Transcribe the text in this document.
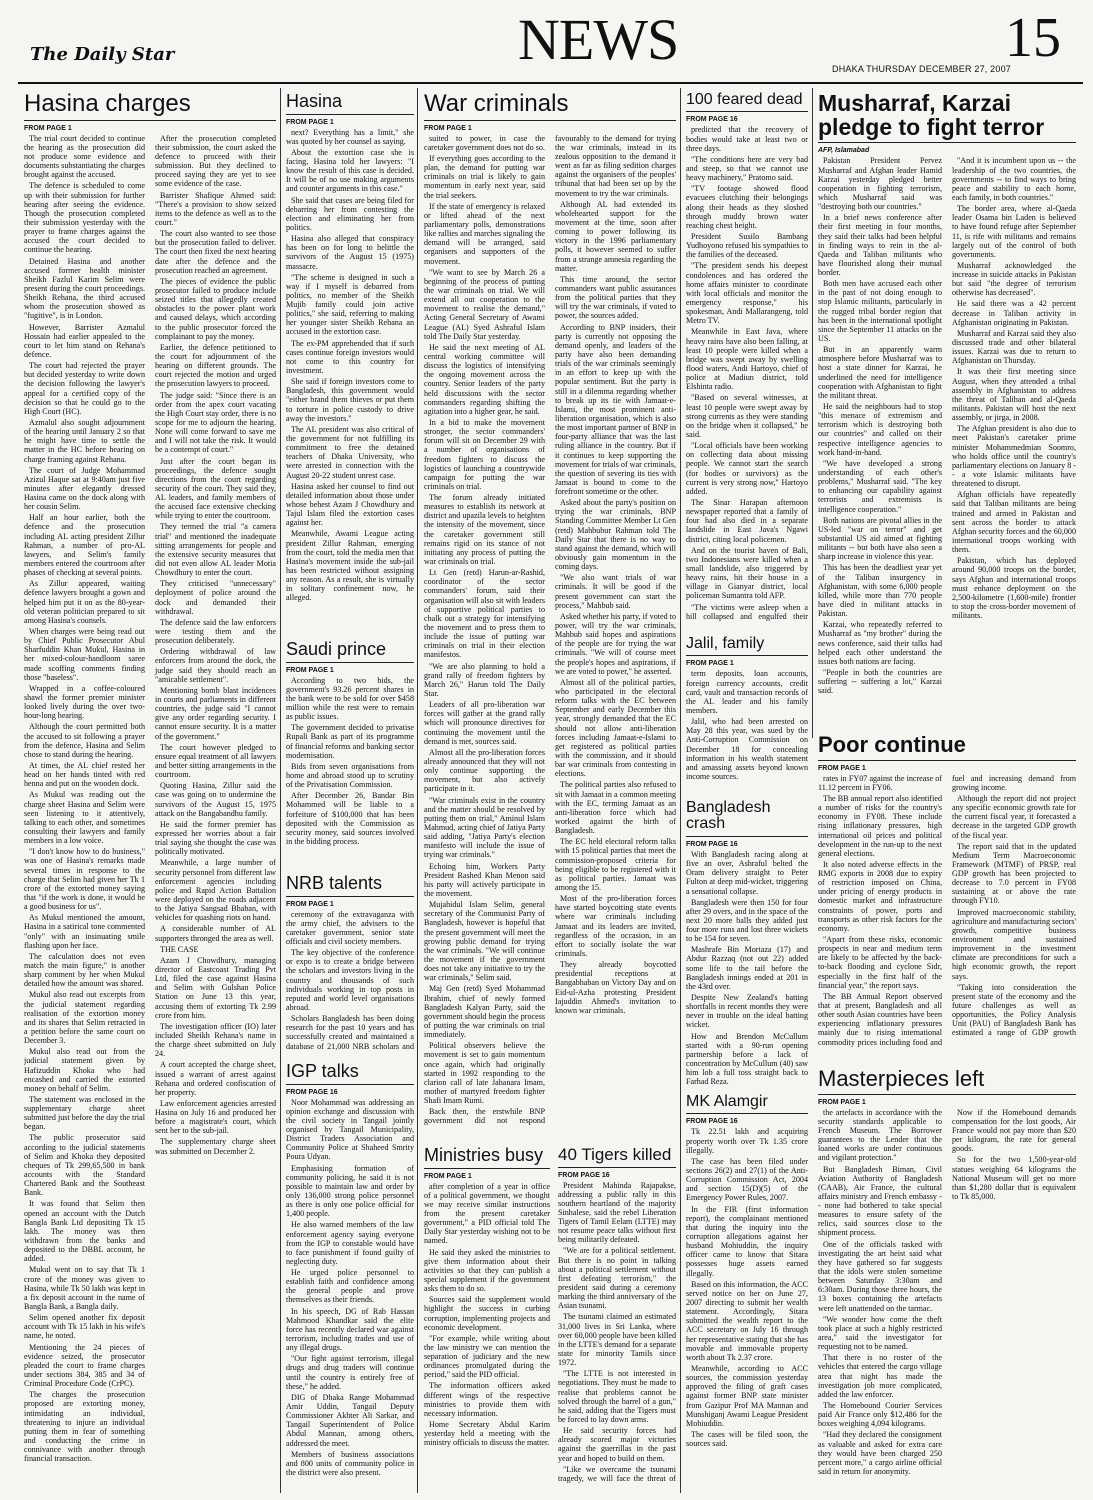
The Daily Star	NEWS	15
DHAKA THURSDAY DECEMBER 27, 2007
Hasina charges
FROM PAGE 1

The trial court decided to continue the hearing as the prosecution did not produce some evidence and documents substantiating the charges brought against the accused.

The defence is scheduled to come up with their submission for further hearing after seeing the evidence. Though the prosecution completed their submission yesterday with the prayer to frame charges against the accused the court decided to continue the hearing.

Detained Hasina and another accused former health minister Sheikh Fazlul Karim Selim were present during the court proceedings. Sheikh Rehana, the third accused whom the prosecution showed as "fugitive", is in London.

However, Barrister Azmalul Hossain had earlier appealed to the court to let him stand on Rehana's defence.

The court had rejected the prayer but decided yesterday to write down the decision following the lawyer's appeal for a certified copy of the decision so that he could go to the High Court (HC).

Azmalul also sought adjournment of the hearing until January 2 so that he might have time to settle the matter in the HC before hearing on charge framing against Rehana.

The court of Judge Mohammad Azizul Haque sat at 9:40am just five minutes after elegantly dressed Hasina came on the dock along with her cousin Selim.

Half an hour earlier, both the defence and the prosecution including AL acting president Zillur Rahman, a number of pro-AL lawyers, and Selim's family members entered the courtroom after phases of checking at several points.

As Zillur appeared, waiting defence lawyers brought a gown and helped him put it on as the 80-year-old veteran politician prepared to sit among Hasina's counsels.

When charges were being read out by Chief Public Prosecutor Abul Sharfuddin Khan Mukul, Hasina in her mixed-colour-handloom saree made scoffing comments finding those "baseless".

Wrapped in a coffee-coloured shawl the former premier minister looked lively during the over two-hour-long hearing.

Although the court permitted both the accused to sit following a prayer from the defence, Hasina and Selim chose to stand during the hearing.

At times, the AL chief rested her head on her hands tinted with red henna and put on the wooden dock.

As Mukul was reading out the charge sheet Hasina and Selim were seen listening to it attentively, talking to each other, and sometimes consulting their lawyers and family members in a low voice.

"I don't know how to do business," was one of Hasina's remarks made several times in response to the charge that Selim had given her Tk 1 crore of the extorted money saying that "if the work is done, it would be a good business for us".

As Mukul mentioned the amount, Hasina in a satirical tone commented "only" with an insinuating smile flashing upon her face.

The calculation does not even match the main figure," is another sharp comment by her when Mukul detailed how the amount was shared.

Mukul also read out excerpts from the judicial statement regarding realisation of the extortion money and its shares that Selim retracted in a petition before the same court on December 3.

Mukul also read out from the judicial statement given by Hafizuddin Khoka who had encashed and carried the extorted money on behalf of Selim.

The statement was enclosed in the supplementary charge sheet submitted just before the day the trial began.

The public prosecutor said according to the judicial statements of Selim and Khoka they deposited cheques of Tk 299,65,500 in bank accounts with the Standard Chartered Bank and the Southeast Bank.

It was found that Selim then opened an account with the Dutch Bangla Bank Ltd depositing Tk 15 lakh. The money was then withdrawn from the banks and deposited to the DBBL account, he added.

Mukul went on to say that Tk 1 crore of the money was given to Hasina, while Tk 50 lakh was kept in a fix deposit account in the name of Bangla Bank, a Bangla daily.

Selim opened another fix deposit account with Tk 15 lakh in his wife's name, he noted.

Mentioning the 24 pieces of evidence seized, the prosecutor pleaded the court to frame charges under sections 384, 385 and 34 of Criminal Procedure Code (CrPC).

The charges the prosecution proposed are extorting money, intimidating an individual, threatening to injure an individual putting them in fear of something and conducting the crime in connivance with another through financial transaction.

After the prosecution completed their submission, the court asked the defence to proceed with their submission. But they declined to proceed saying they are yet to see some evidence of the case.

Barrister Shafique Ahmed said: "There's a provision to show seized items to the defence as well as to the court."

The court also wanted to see those but the prosecution failed to deliver. The court then fixed the next hearing date after the defence and the prosecution reached an agreement.

The pieces of evidence the public prosecutor failed to produce include seized titles that allegedly created obstacles to the power plant work and caused delays, which according to the public prosecutor forced the complainant to pay the money.

Earlier, the defence petitioned to the court for adjournment of the hearing on different grounds. The court rejected the motion and urged the prosecution lawyers to proceed.

The judge said: "Since there is an order from the apex court vacating the High Court stay order, there is no scope for me to adjourn the hearing. None will come forward to save me and I will not take the risk. It would be a contempt of court."

Just after the court began its proceedings, the defence sought directions from the court regarding security of the court. They said they, AL leaders, and family members of the accused face extensive checking while trying to enter the courtroom.

They termed the trial "a camera trial" and mentioned the inadequate sitting arrangements for people and the extensive security measures that did not even allow AL leader Motia Chowdhury to enter the court.

They criticised "unnecessary" deployment of police around the dock and demanded their withdrawal.

The defence said the law enforcers were testing them and the prosecution deliberately.

Ordering withdrawal of law enforcers from around the dock, the judge said they should reach an "amicable settlement".

Mentioning bomb blast incidences in courts and parliaments in different countries, the judge said "I cannot give any order regarding security. I cannot ensure security. It is a matter of the government."

The court however pledged to ensure equal treatment of all lawyers and better sitting arrangements in the courtroom.

Quoting Hasina, Zillur said the case was going on to undermine the survivors of the August 15, 1975 attack on the Bangabandhu family.

He said the former premier has expressed her worries about a fair trial saying she thought the case was politically motivated.

Meanwhile, a large number of security personnel from different law enforcement agencies including police and Rapid Action Battalion were deployed on the roads adjacent to the Jatiya Sangsad Bhaban, with vehicles for quashing riots on hand.

A considerable number of AL supporters thronged the area as well.

THE CASE

Azam J Chowdhury, managing director of Eastcoast Trading Pvt Ltd, filed the case against Hasina and Selim with Gulshan Police Station on June 13 this year, accusing them of extorting Tk 2.99 crore from him.

The investigation officer (IO) later included Sheikh Rehana's name in the charge sheet submitted on July 24.

A court accepted the charge sheet, issued a warrant of arrest against Rehana and ordered confiscation of her property.

Law enforcement agencies arrested Hasina on July 16 and produced her before a magistrate's court, which sent her to the sub-jail.

The supplementary charge sheet was submitted on December 2.

Hasina
FROM PAGE 1

next? Everything has a limit," she was quoted by her counsel as saying.

About the extortion case she is facing, Hasina told her lawyers: "I know the result of this case is decided. It will be of no use making arguments and counter arguments in this case."

She said that cases are being filed for debarring her from contesting the election and eliminating her from politics.

Hasina also alleged that conspiracy has been on for long to belittle the survivors of the August 15 (1975) massacre.

"The scheme is designed in such a way if I myself is debarred from politics, no member of the Sheikh Mujib family could join active politics," she said, referring to making her younger sister Sheikh Rehana an accused in the extortion case.

The ex-PM apprehended that if such cases continue foreign investors would not come to this country for investment.

She said if foreign investors come to Bangladesh, this government would "either brand them thieves or put them to torture in police custody to drive away the investors."

The AL president was also critical of the government for not fulfilling its commitment to free the detained teachers of Dhaka University, who were arrested in connection with the August 20-22 student unrest case.

Hasina asked her counsel to find out detailed information about those under whose behest Azam J Chowdhury and Tajul Islam filed the extortion cases against her.

Meanwhile, Awami League acting president Zillur Rahman, emerging from the court, told the media men that Hasina's movement inside the sub-jail has been restricted without assigning any reason. As a result, she is virtually in solitary confinement now, he alleged.

Saudi prince
FROM PAGE 1

According to two bids, the government's 93.26 percent shares in the bank were to be sold for over $458 million while the rest were to remain as public issues.

The government decided to privatise Rupali Bank as part of its programme of financial reforms and banking sector modernisation.

Bids from seven organisations from home and abroad stood up to scrutiny of the Privatisation Commission.

After December 26, Bandar Bin Mohammed will be liable to a forfeiture of $100,000 that has been deposited with the Commission as security money, said sources involved in the bidding process.

NRB talents
FROM PAGE 1

ceremony of the extravaganza with the army chief, the advisers to the caretaker government, senior state officials and civil society members.

The key objective of the conference or expo is to create a bridge between the scholars and investors living in the country and thousands of such individuals working in top posts in reputed and world level organisations abroad.

Scholars Bangladesh has been doing research for the past 10 years and has successfully created and maintained a database of 21,000 NRB scholars and

IGP talks
FROM PAGE 16

Noor Mohammad was addressing an opinion exchange and discussion with the civil society in Tangail jointly organised by Tangail Municipality, District Traders Association and Community Police at Shaheed Smrity Poura Udyan.

Emphasising formation of community policing, he said it is not possible to maintain law and order by only 136,000 strong police personnel as there is only one police official for 1,400 people.

He also warned members of the law enforcement agency saying everyone from the IGP to constable would have to face punishment if found guilty of neglecting duty.

He urged police personnel to establish faith and confidence among the general people and prove themselves as their friends.

In his speech, DG of Rab Hassan Mahmood Khandkar said the elite force has recently declared war against terrorism, including trades and use of any illegal drugs.

"Our fight against terrorism, illegal drugs and drug traders will continue until the country is entirely free of these," he added.

DIG of Dhaka Range Mohammad Amir Uddin, Tangail Deputy Commissioner Akhter Ali Sarkar, and Tangail Superintendent of Police Abdul Mannan, among others, addressed the meet.

Members of business associations and 800 units of community police in the district were also present.

War criminals
FROM PAGE 1

suited to power, in case the caretaker government does not do so.

If everything goes according to the plan, the demand for putting war criminals on trial is likely to gain momentum in early next year, said the trial seekers.

If the state of emergency is relaxed or lifted ahead of the next parliamentary polls, demonstrations like rallies and marches signaling the demand will be arranged, said organisers and supporters of the movement.

"We want to see by March 26 a beginning of the process of putting the war criminals on trial. We will extend all out cooperation to the movement to realise the demand," Acting General Secretary of Awami League (AL) Syed Ashraful Islam told The Daily Star yesterday.

He said the next meeting of AL central working committee will discuss the logistics of intensifying the ongoing movement across the country. Senior leaders of the party held discussions with the sector commanders regarding shifting the agitation into a higher gear, he said.

In a bid to make the movement stronger, the sector commanders' forum will sit on December 29 with a number of organisations of freedom fighters to discuss the logistics of launching a countrywide campaign for putting the war criminals on trial.

The forum already initiated measures to establish its network at district and upazila levels to heighten the intensity of the movement, since the caretaker government still remains rigid on its stance of not initiating any process of putting the war criminals on trial.

Lt Gen (retd) Harun-ar-Rashid, coordinator of the sector commanders' forum, said their organisation will also sit with leaders of supportive political parties to chalk out a strategy for intensifying the movement and to press them to include the issue of putting war criminals on trial in their election manifestos.

"We are also planning to hold a grand rally of freedom fighters by March 26," Harun told The Daily Star.

Leaders of all pro-liberation war forces will gather at the grand rally which will pronounce directives for continuing the movement until the demand is met, sources said.

Almost all the pro-liberation forces already announced that they will not only continue supporting the movement, but also actively participate in it.

"War criminals exist in the country and the matter should be resolved by putting them on trial," Aminul Islam Mahmud, acting chief of Jatiya Party said adding, "Jatiya Party's election manifesto will include the issue of trying war criminals."

Echoing him, Workers Party President Rashed Khan Menon said his party will actively participate in the movement.

Mujahidul Islam Selim, general secretary of the Communist Party of Bangladesh, however is hopeful that the present government will meet the growing public demand for trying the war criminals. "We will continue the movement if the government does not take any initiative to try the war criminals," Selim said.

Maj Gen (retd) Syed Mohammad Ibrahim, chief of newly formed Bangladesh Kalyan Party, said the government should begin the process of putting the war criminals on trial immediately.

Political observers believe the movement is set to gain momentum once again, which had originally started in 1992 responding to the clarion call of late Jahanara Imam, mother of martyred freedom fighter Shafi Imam Rumi.

Back then, the erstwhile BNP government did not respond favourably to the demand for trying the war criminals, instead in its zealous opposition to the demand it went as far as filing sedition charges against the organisers of the peoples' tribunal that had been set up by the movement to try the war criminals.

Although AL had extended its wholehearted support for the movement at the time, soon after coming to power following its victory in the 1996 parliamentary polls, it however seemed to suffer from a strange amnesia regarding the matter.

This time around, the sector commanders want public assurances from the political parties that they will try the war criminals, if voted to power, the sources added.

According to BNP insiders, their party is currently not opposing the demand openly, and leaders of the party have also been demanding trials of the war criminals seemingly in an effort to keep up with the popular sentiment. But the party is still in a dilemma regarding whether to break up its tie with Jamaat-e-Islami, the most prominent anti-liberation organisation, which is also the most important partner of BNP in four-party alliance that was the last ruling alliance in the country. But if it continues to keep supporting the movement for trials of war criminals, the question of severing its ties with Jamaat is bound to come to the forefront sometime or the other.

Asked about the party's position on trying the war criminals, BNP Standing Committee Member Lt Gen (retd) Mahbubur Rahman told The Daily Star that there is no way to stand against the demand, which will obviously gain momentum in the coming days.

"We also want trials of war criminals. It will be good if the present government can start the process," Mahbub said.

Asked whether his party, if voted to power, will try the war criminals, Mahbub said hopes and aspirations of the people are for trying the war criminals. "We will of course meet the people's hopes and aspirations, if we are voted to power," he asserted.

Almost all of the political parties, who participated in the electoral reform talks with the EC between September and early December this year, strongly demanded that the EC should not allow anti-liberation forces including Jamaat-e-Islami to get registered as political parties with the commission, and it should bar war criminals from contesting in elections.

The political parties also refused to sit with Jamaat in a common meeting with the EC, terming Jamaat as an anti-liberation force which had worked against the birth of Bangladesh.

The EC held electoral reform talks with 15 political parties that meet the commission-proposed criteria for being eligible to be registered with it as political parties. Jamaat was among the 15.

Most of the pro-liberation forces have started boycotting state events where war criminals including Jamaat and its leaders are invited, regardless of the occasion, in an effort to socially isolate the war criminals.

They already boycotted presidential receptions at Bangabhaban on Victory Day and on Eid-ul-Azha protesting President Iajuddin Ahmed's invitation to known war criminals.

Ministries busy
FROM PAGE 1

after completion of a year in office of a political government, we thought we may receive similar instructions from the present caretaker government," a PID official told The Daily Star yesterday wishing not to be named.

He said they asked the ministries to give them information about their activities so that they can publish a special supplement if the government asks them to do so.

Sources said the supplement would highlight the success in curbing corruption, implementing projects and economic development.

"For example, while writing about the law ministry we can mention the separation of judiciary and the new ordinances promulgated during the period," said the PID official.

The information officers asked different wings of the respective ministries to provide them with necessary information.

Home Secretary Abdul Karim yesterday held a meeting with the ministry officials to discuss the matter.

40 Tigers killed
FROM PAGE 16

President Mahinda Rajapakse, addressing a public rally in this southern heartland of the majority Sinhalese, said the rebel Liberation Tigers of Tamil Eelam (LTTE) may not resume peace talks without first being militarily defeated.

"We are for a political settlement. But there is no point in talking about a political settlement without first defeating terrorism," the president said during a ceremony marking the third anniversary of the Asian tsunami.

The tsunami claimed an estimated 31,000 lives in Sri Lanka, where over 60,000 people have been killed in the LTTE's demand for a separate state for minority Tamils since 1972.

"The LTTE is not interested in negotiations. They must be made to realise that problems cannot be solved through the barrel of a gun," he said, adding that the Tigers must be forced to lay down arms.

He said security forces had already scored major victories against the guerrillas in the past year and hoped to build on them.

"Like we overcame the tsunami tragedy, we will face the threat of

100 feared dead
FROM PAGE 16

predicted that the recovery of bodies would take at least two or three days.

"The conditions here are very bad and steep, so that we cannot use heavy machinery," Pratomo said.

"TV footage showed flood evacuees clutching their belongings along their heads as they sloshed through muddy brown water reaching chest height.

President Susilo Bambang Yudhoyono refused his sympathies to the families of the deceased.

"The president sends his deepest condolences and has ordered the home affairs minister to coordinate with local officials and monitor the emergency response," his spokesman, Andi Mallarangeng, told Metro TV.

Meanwhile in East Java, where heavy rains have also been falling, at least 10 people were killed when a bridge was swept away by swelling flood waters, Andi Hartoyo, chief of police at Madiun district, told Elshinta radio.

"Based on several witnesses, at least 10 people were swept away by strong currents as they were standing on the bridge when it collapsed," he said.

"Local officials have been working on collecting data about missing people. We cannot start the search (for bodies or survivors) as the current is very strong now," Hartoyo added.

The Sinar Harapan afternoon newspaper reported that a family of four had also died in a separate landslide in East Java's Ngawi district, citing local policemen.

And on the tourist haven of Bali, two Indonesians were killed when a small landslide, also triggered by heavy rains, hit their house in a village in Gianyar district, local policeman Sumantra told AFP.

"The victims were asleep when a hill collapsed and engulfed their

Jalil, family
FROM PAGE 1

term deposits, loan accounts, foreign currency accounts, credit card, vault and transaction records of the AL leader and his family members.

Jalil, who had been arrested on May 28 this year, was sued by the Anti-Corruption Commission on December 18 for concealing information in his wealth statement and amassing assets beyond known income sources.

Bangladesh crash
FROM PAGE 16

With Bangladesh racing along at five an over, Ashraful belted the Oram delivery straight to Peter Fulton at deep mid-wicket, triggering a sensational collapse.

Bangladesh were then 150 for four after 29 overs, and in the space of the next 20 more balls they added just four more runs and lost three wickets to be 154 for seven.

Mashrafe Bin Mortaza (17) and Abdur Razzaq (not out 22) added some life to the tail before the Bangladesh innings ended at 201 in the 43rd over.

Despite New Zealand's batting shortfalls in recent months they were never in trouble on the ideal batting wicket.

How and Brendon McCullum started with a 90-run opening partnership before a lack of concentration by McCullum (40) saw him lob a full toss straight back to Farhad Reza.

MK Alamgir
FROM PAGE 16

Tk 22.51 lakh and acquiring property worth over Tk 1.35 crore illegally.

The case has been filed under sections 26(2) and 27(1) of the Anti-Corruption Commission Act, 2004 and section 15(D)(5) of the Emergency Power Rules, 2007.

In the FIR (first information report), the complainant mentioned that during the inquiry into the corruption allegations against her husband Mohiuddin, the inquiry officer came to know that Sitara possesses huge assets earned illegally.

Based on this information, the ACC served notice on her on June 27, 2007 directing to submit her wealth statement. Accordingly, Sitara submitted the wealth report to the ACC secretary on July 16 through her representative stating that she has movable and immovable property worth about Tk 2.37 crore.

Meanwhile, according to ACC sources, the commission yesterday approved the filing of graft cases against former BNP state minister from Gazipur Prof MA Mannan and Munshiganj Awami League President Mohiuddin.

The cases will be filed soon, the sources said.

Musharraf, Karzai pledge to fight terror
AFP, Islamabad

Pakistan President Pervez Musharraf and Afghan leader Hamid Karzai yesterday pledged better cooperation in fighting terrorism, which Musharraf said was "destroying both our countries."

In a brief news conference after their first meeting in four months, they said their talks had been helpful in finding ways to rein in the al-Qaeda and Taliban militants who have flourished along their mutual border.

Both men have accused each other in the past of not doing enough to stop Islamic militants, particularly in the rugged tribal border region that has been in the international spotlight since the September 11 attacks on the US.

But in an apparently warm atmosphere before Musharraf was to host a state dinner for Karzai, he underlined the need for intelligence cooperation with Afghanistan to fight the militant threat.

He said the neighbours had to stop "this menace of extremism and terrorism which is destroying both our countries" and called on their respective intelligence agencies to work hand-in-hand.

"We have developed a strong understanding of each other's problems," Musharraf said. "The key to enhancing our capability against terrorists and extremists is intelligence cooperation."

Both nations are pivotal allies in the US-led "war on terror" and get substantial US aid aimed at fighting militants -- but both have also seen a sharp increase in violence this year.

This has been the deadliest year yet of the Taliban insurgency in Afghanistan, with some 6,000 people killed, while more than 770 people have died in militant attacks in Pakistan.

Karzai, who repeatedly referred to Musharraf as "my brother" during the news conference, said their talks had helped each other understand the issues both nations are facing.

"People in both the countries are suffering -- suffering a lot," Karzai said.

"And it is incumbent upon us -- the leadership of the two countries, the governments -- to find ways to bring peace and stability to each home, each family, in both countries."

The border area, where al-Qaeda leader Osama bin Laden is believed to have found refuge after September 11, is rife with militants and remains largely out of the control of both governments.

Musharraf acknowledged the increase in suicide attacks in Pakistan but said "the degree of terrorism otherwise has decreased".

He said there was a 42 percent decrease in Taliban activity in Afghanistan originating in Pakistan.

Musharraf and Karzai said they also discussed trade and other bilateral issues. Karzai was due to return to Afghanistan on Thursday.

It was their first meeting since August, when they attended a tribal assembly in Afghanistan to address the threat of Taliban and al-Qaeda militants. Pakistan will host the next assembly, or jirga, in 2008.

The Afghan president is also due to meet Pakistan's caretaker prime minister Mohammedmian Soomro, who holds office until the country's parliamentary elections on January 8 -- a vote Islamic militants have threatened to disrupt.

Afghan officials have repeatedly said that Taliban militants are being trained and armed in Pakistan and sent across the border to attack Afghan security forces and the 60,000 international troops working with them.

Pakistan, which has deployed around 90,000 troops on the border, says Afghan and international troops must enhance deployment on the 2,500-kilometre (1,600-mile) frontier to stop the cross-border movement of militants.

Poor continue
FROM PAGE 1

rates in FY07 against the increase of 11.12 percent in FY06.

The BB annual report also identified a number of risks for the country's economy in FY08. These include rising inflationary pressures, high international oil prices and political development in the run-up to the next general elections.

It also noted adverse effects in the RMG exports in 2008 due to expiry of restriction imposed on China, under pricing of energy products in domestic market and infrastructure constraints of power, ports and transports as other risk factors for the economy.

"Apart from these risks, economic prospects in near and medium term are likely to be affected by the back-to-back flooding and cyclone Sidr, especially in the first half of the financial year," the report says.

The BB Annual Report observed that at present, Bangladesh and all other south Asian countries have been experiencing inflationary pressures mainly due to rising international commodity prices including food and fuel and increasing demand from growing income.

Although the report did not project any specific economic growth rate for the current fiscal year, it forecasted a decrease in the targeted GDP growth of the fiscal year.

The report said that in the updated Medium Term Macroeconomic Framework (MTMF) of PRSP, real GDP growth has been projected to decrease to 7.0 percent in FY08 sustaining at or above the rate through FY10.

Improved macroeconomic stability, agriculture and manufacturing sectors' growth, competitive business environment and sustained improvement in the investment climate are preconditions for such a high economic growth, the report says.

"Taking into consideration the present state of the economy and the future challenges as well as opportunities, the Policy Analysis Unit (PAU) of Bangladesh Bank has estimated a range of GDP growth

Masterpieces left
FROM PAGE 1

the artefacts in accordance with the security standards applicable to French Museum. The Borrower guarantees to the Lender that the loaned works are under continuous and vigilant protection."

But Bangladesh Biman, Civil Aviation Authority of Bangladesh (CAAB), Air France, the cultural affairs ministry and French embassy -- none had bothered to take special measures to ensure safety of the relics, said sources close to the shipment process.

One of the officials tasked with investigating the art heist said what they have gathered so far suggests that the idols were stolen sometime between Saturday 3:30am and 6:30am. During those three hours, the 13 boxes containing the artefacts were left unattended on the tarmac.

"We wonder how come the theft took place at such a highly restricted area," said the investigator for requesting not to be named.

That there is no roster of the vehicles that entered the cargo village area that night has made the investigation job more complicated, added the law enforcer.

The Homebound Courier Services paid Air France only $12,486 for the boxes weighing 4,094 kilograms.

"Had they declared the consignment as valuable and asked for extra care they would have been charged 250 percent more," a cargo airline official said in return for anonymity.

Now if the Homebound demands compensation for the lost goods, Air France would not pay more than $20 per kilogram, the rate for general goods.

So for the two 1,500-year-old statues weighing 64 kilograms the National Museum will get no more than $1,280 dollar that is equivalent to Tk 85,000.
